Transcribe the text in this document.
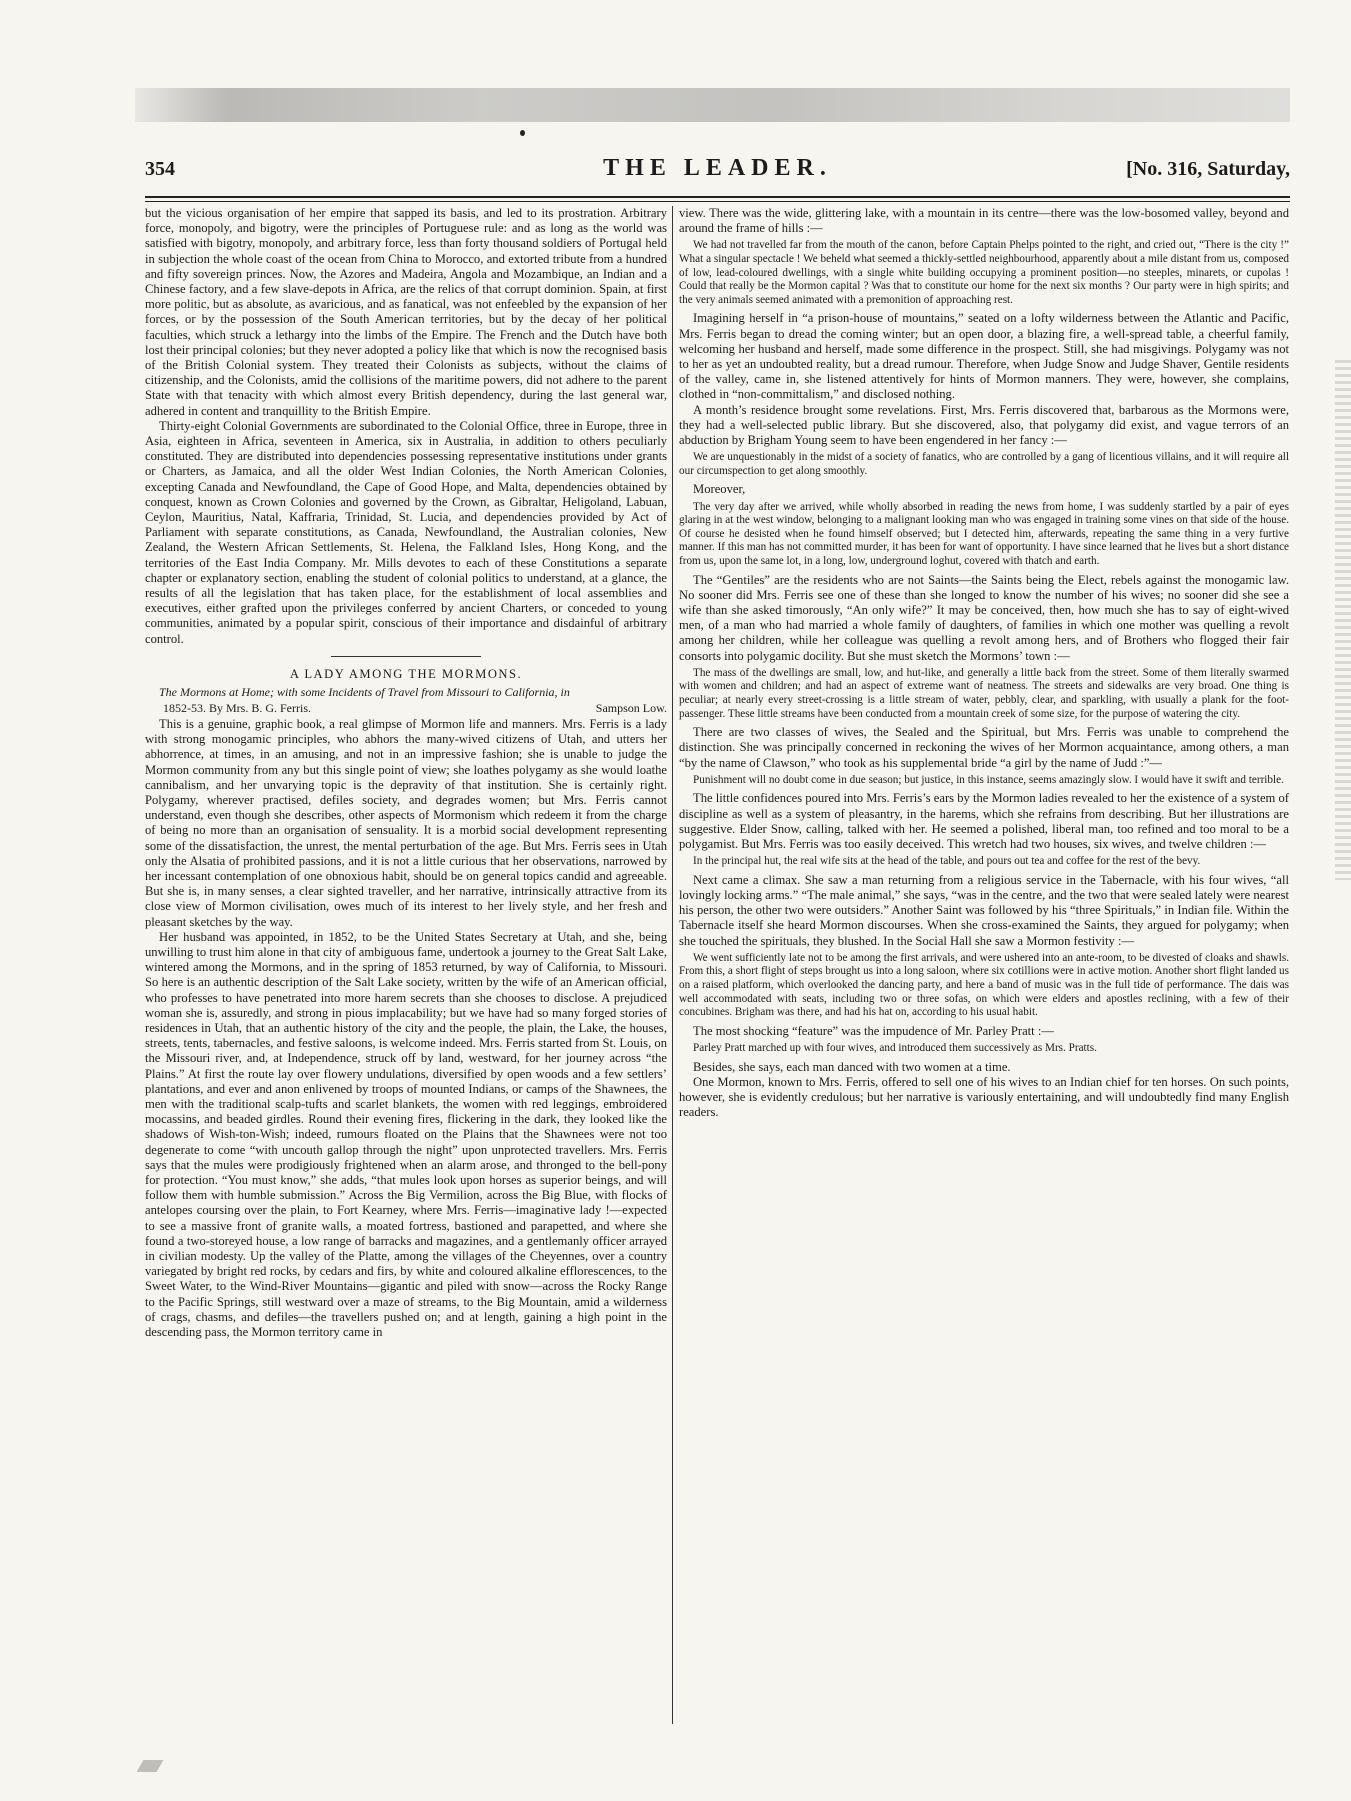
354	THE LEADER.	[No. 316, Saturday,

but the vicious organisation of her empire that sapped its basis, and led to its prostration. Arbitrary force, monopoly, and bigotry, were the principles of Portuguese rule: and as long as the world was satisfied with bigotry, monopoly, and arbitrary force, less than forty thousand soldiers of Portugal held in subjection the whole coast of the ocean from China to Morocco, and extorted tribute from a hundred and fifty sovereign princes. Now, the Azores and Madeira, Angola and Mozambique, an Indian and a Chinese factory, and a few slave-depots in Africa, are the relics of that corrupt dominion. Spain, at first more politic, but as absolute, as avaricious, and as fanatical, was not enfeebled by the expansion of her forces, or by the possession of the South American territories, but by the decay of her political faculties, which struck a lethargy into the limbs of the Empire. The French and the Dutch have both lost their principal colonies; but they never adopted a policy like that which is now the recognised basis of the British Colonial system. They treated their Colonists as subjects, without the claims of citizenship, and the Colonists, amid the collisions of the maritime powers, did not adhere to the parent State with that tenacity with which almost every British dependency, during the last general war, adhered in content and tranquillity to the British Empire.

Thirty-eight Colonial Governments are subordinated to the Colonial Office, three in Europe, three in Asia, eighteen in Africa, seventeen in America, six in Australia, in addition to others peculiarly constituted. They are distributed into dependencies possessing representative institutions under grants or Charters, as Jamaica, and all the older West Indian Colonies, the North American Colonies, excepting Canada and Newfoundland, the Cape of Good Hope, and Malta, dependencies obtained by conquest, known as Crown Colonies and governed by the Crown, as Gibraltar, Heligoland, Labuan, Ceylon, Mauritius, Natal, Kaffraria, Trinidad, St. Lucia, and dependencies provided by Act of Parliament with separate constitutions, as Canada, Newfoundland, the Australian colonies, New Zealand, the Western African Settlements, St. Helena, the Falkland Isles, Hong Kong, and the territories of the East India Company. Mr. Mills devotes to each of these Constitutions a separate chapter or explanatory section, enabling the student of colonial politics to understand, at a glance, the results of all the legislation that has taken place, for the establishment of local assemblies and executives, either grafted upon the privileges conferred by ancient Charters, or conceded to young communities, animated by a popular spirit, conscious of their importance and disdainful of arbitrary control.

A LADY AMONG THE MORMONS.
The Mormons at Home; with some Incidents of Travel from Missouri to California, in
1852-53. By Mrs. B. G. Ferris.	Sampson Low.

This is a genuine, graphic book, a real glimpse of Mormon life and manners. Mrs. Ferris is a lady with strong monogamic principles, who abhors the many-wived citizens of Utah, and utters her abhorrence, at times, in an amusing, and not in an impressive fashion; she is unable to judge the Mormon community from any but this single point of view; she loathes polygamy as she would loathe cannibalism, and her unvarying topic is the depravity of that institution. She is certainly right. Polygamy, wherever practised, defiles society, and degrades women; but Mrs. Ferris cannot understand, even though she describes, other aspects of Mormonism which redeem it from the charge of being no more than an organisation of sensuality. It is a morbid social development representing some of the dissatisfaction, the unrest, the mental perturbation of the age. But Mrs. Ferris sees in Utah only the Alsatia of prohibited passions, and it is not a little curious that her observations, narrowed by her incessant contemplation of one obnoxious habit, should be on general topics candid and agreeable. But she is, in many senses, a clear sighted traveller, and her narrative, intrinsically attractive from its close view of Mormon civilisation, owes much of its interest to her lively style, and her fresh and pleasant sketches by the way.

Her husband was appointed, in 1852, to be the United States Secretary at Utah, and she, being unwilling to trust him alone in that city of ambiguous fame, undertook a journey to the Great Salt Lake, wintered among the Mormons, and in the spring of 1853 returned, by way of California, to Missouri. So here is an authentic description of the Salt Lake society, written by the wife of an American official, who professes to have penetrated into more harem secrets than she chooses to disclose. A prejudiced woman she is, assuredly, and strong in pious implacability; but we have had so many forged stories of residences in Utah, that an authentic history of the city and the people, the plain, the Lake, the houses, streets, tents, tabernacles, and festive saloons, is welcome indeed. Mrs. Ferris started from St. Louis, on the Missouri river, and, at Independence, struck off by land, westward, for her journey across “the Plains.” At first the route lay over flowery undulations, diversified by open woods and a few settlers’ plantations, and ever and anon enlivened by troops of mounted Indians, or camps of the Shawnees, the men with the traditional scalp-tufts and scarlet blankets, the women with red leggings, embroidered mocassins, and beaded girdles. Round their evening fires, flickering in the dark, they looked like the shadows of Wish-ton-Wish; indeed, rumours floated on the Plains that the Shawnees were not too degenerate to come “with uncouth gallop through the night” upon unprotected travellers. Mrs. Ferris says that the mules were prodigiously frightened when an alarm arose, and thronged to the bell-pony for protection. “You must know,” she adds, “that mules look upon horses as superior beings, and will follow them with humble submission.” Across the Big Vermilion, across the Big Blue, with flocks of antelopes coursing over the plain, to Fort Kearney, where Mrs. Ferris—imaginative lady !—expected to see a massive front of granite walls, a moated fortress, bastioned and parapetted, and where she found a two-storeyed house, a low range of barracks and magazines, and a gentlemanly officer arrayed in civilian modesty. Up the valley of the Platte, among the villages of the Cheyennes, over a country variegated by bright red rocks, by cedars and firs, by white and coloured alkaline efflorescences, to the Sweet Water, to the Wind-River Mountains—gigantic and piled with snow—across the Rocky Range to the Pacific Springs, still westward over a maze of streams, to the Big Mountain, amid a wilderness of crags, chasms, and defiles—the travellers pushed on; and at length, gaining a high point in the descending pass, the Mormon territory came in

view. There was the wide, glittering lake, with a mountain in its centre—there was the low-bosomed valley, beyond and around the frame of hills :—

We had not travelled far from the mouth of the canon, before Captain Phelps pointed to the right, and cried out, “There is the city !” What a singular spectacle ! We beheld what seemed a thickly-settled neighbourhood, apparently about a mile distant from us, composed of low, lead-coloured dwellings, with a single white building occupying a prominent position—no steeples, minarets, or cupolas ! Could that really be the Mormon capital ? Was that to constitute our home for the next six months ? Our party were in high spirits; and the very animals seemed animated with a premonition of approaching rest.

Imagining herself in “a prison-house of mountains,” seated on a lofty wilderness between the Atlantic and Pacific, Mrs. Ferris began to dread the coming winter; but an open door, a blazing fire, a well-spread table, a cheerful family, welcoming her husband and herself, made some difference in the prospect. Still, she had misgivings. Polygamy was not to her as yet an undoubted reality, but a dread rumour. Therefore, when Judge Snow and Judge Shaver, Gentile residents of the valley, came in, she listened attentively for hints of Mormon manners. They were, however, she complains, clothed in “non-committalism,” and disclosed nothing.

A month’s residence brought some revelations. First, Mrs. Ferris discovered that, barbarous as the Mormons were, they had a well-selected public library. But she discovered, also, that polygamy did exist, and vague terrors of an abduction by Brigham Young seem to have been engendered in her fancy :—

We are unquestionably in the midst of a society of fanatics, who are controlled by a gang of licentious villains, and it will require all our circumspection to get along smoothly.

Moreover,

The very day after we arrived, while wholly absorbed in reading the news from home, I was suddenly startled by a pair of eyes glaring in at the west window, belonging to a malignant looking man who was engaged in training some vines on that side of the house. Of course he desisted when he found himself observed; but I detected him, afterwards, repeating the same thing in a very furtive manner. If this man has not committed murder, it has been for want of opportunity. I have since learned that he lives but a short distance from us, upon the same lot, in a long, low, underground loghut, covered with thatch and earth.

The “Gentiles” are the residents who are not Saints—the Saints being the Elect, rebels against the monogamic law. No sooner did Mrs. Ferris see one of these than she longed to know the number of his wives; no sooner did she see a wife than she asked timorously, “An only wife?” It may be conceived, then, how much she has to say of eight-wived men, of a man who had married a whole family of daughters, of families in which one mother was quelling a revolt among her children, while her colleague was quelling a revolt among hers, and of Brothers who flogged their fair consorts into polygamic docility. But she must sketch the Mormons’ town :—

The mass of the dwellings are small, low, and hut-like, and generally a little back from the street. Some of them literally swarmed with women and children; and had an aspect of extreme want of neatness. The streets and sidewalks are very broad. One thing is peculiar; at nearly every street-crossing is a little stream of water, pebbly, clear, and sparkling, with usually a plank for the foot-passenger. These little streams have been conducted from a mountain creek of some size, for the purpose of watering the city.

There are two classes of wives, the Sealed and the Spiritual, but Mrs. Ferris was unable to comprehend the distinction. She was principally concerned in reckoning the wives of her Mormon acquaintance, among others, a man “by the name of Clawson,” who took as his supplemental bride “a girl by the name of Judd :”—

Punishment will no doubt come in due season; but justice, in this instance, seems amazingly slow. I would have it swift and terrible.

The little confidences poured into Mrs. Ferris’s ears by the Mormon ladies revealed to her the existence of a system of discipline as well as a system of pleasantry, in the harems, which she refrains from describing. But her illustrations are suggestive. Elder Snow, calling, talked with her. He seemed a polished, liberal man, too refined and too moral to be a polygamist. But Mrs. Ferris was too easily deceived. This wretch had two houses, six wives, and twelve children :—

In the principal hut, the real wife sits at the head of the table, and pours out tea and coffee for the rest of the bevy.

Next came a climax. She saw a man returning from a religious service in the Tabernacle, with his four wives, “all lovingly locking arms.” “The male animal,” she says, “was in the centre, and the two that were sealed lately were nearest his person, the other two were outsiders.” Another Saint was followed by his “three Spirituals,” in Indian file. Within the Tabernacle itself she heard Mormon discourses. When she cross-examined the Saints, they argued for polygamy; when she touched the spirituals, they blushed. In the Social Hall she saw a Mormon festivity :—

We went sufficiently late not to be among the first arrivals, and were ushered into an ante-room, to be divested of cloaks and shawls. From this, a short flight of steps brought us into a long saloon, where six cotillions were in active motion. Another short flight landed us on a raised platform, which overlooked the dancing party, and here a band of music was in the full tide of performance. The dais was well accommodated with seats, including two or three sofas, on which were elders and apostles reclining, with a few of their concubines. Brigham was there, and had his hat on, according to his usual habit.

The most shocking “feature” was the impudence of Mr. Parley Pratt :—

Parley Pratt marched up with four wives, and introduced them successively as Mrs. Pratts.

Besides, she says, each man danced with two women at a time.

One Mormon, known to Mrs. Ferris, offered to sell one of his wives to an Indian chief for ten horses. On such points, however, she is evidently credulous; but her narrative is variously entertaining, and will undoubtedly find many English readers.
